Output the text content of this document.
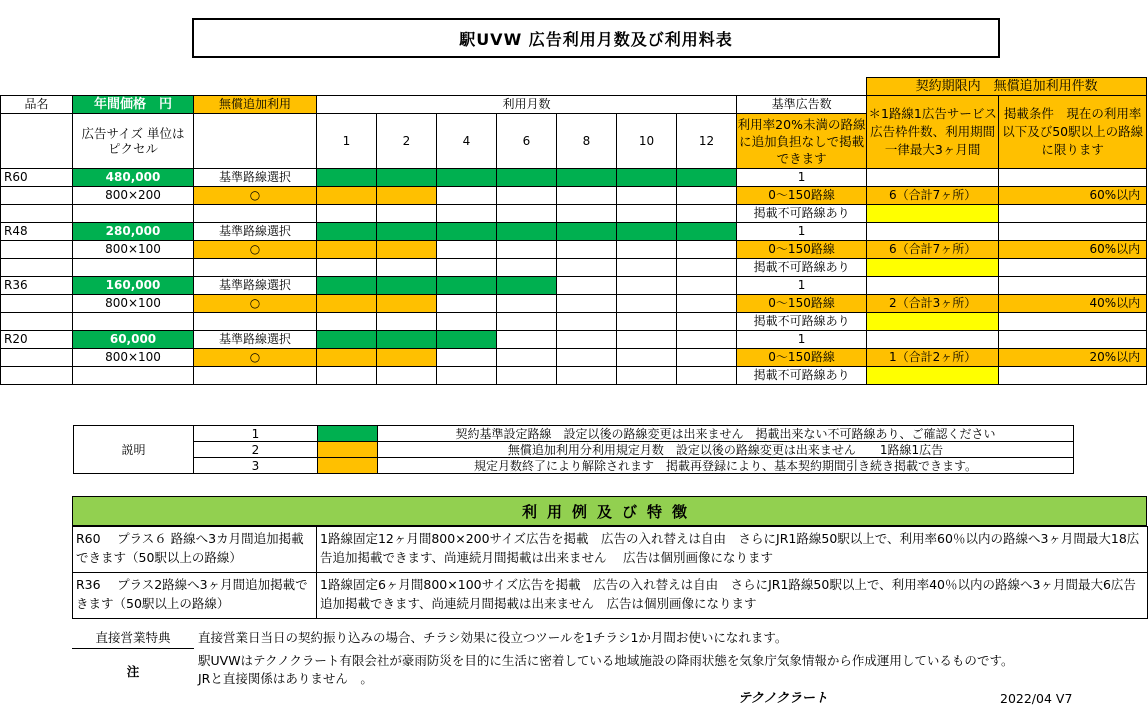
駅UVW 広告利用月数及び利用料表
											契約期限内　無償追加利用件数	
品名	年間価格　円	無償追加利用	利用月数							基準広告数	＊1路線1広告サービス広告枠件数、利用期間一律最大3ヶ月間	掲載条件　現在の利用率以下及び50駅以上の路線に限ります
	広告サイズ 単位はピクセル		1	2	4	6	8	10	12	利用率20%未満の路線に追加負担なしで掲載できます		
R60	480,000	基準路線選択								1		
	800×200	○								0～150路線	6（合計7ヶ所）	60%以内
										掲載不可路線あり		
R48	280,000	基準路線選択								1		
	800×100	○								0～150路線	6（合計7ヶ所）	60%以内
										掲載不可路線あり		
R36	160,000	基準路線選択								1		
	800×100	○								0～150路線	2（合計3ヶ所）	40%以内
										掲載不可路線あり		
R20	60,000	基準路線選択								1		
	800×100	○								0～150路線	1（合計2ヶ所）	20%以内
										掲載不可路線あり		
説明	1		契約基準設定路線　設定以後の路線変更は出来ません　掲載出来ない不可路線あり、ご確認ください
	2		無償追加利用分利用規定月数　設定以後の路線変更は出来ません　　1路線1広告
	3		規定月数終了により解除されます　掲載再登録により、基本契約期間引き続き掲載できます。
利用例及び特徴
R60　 プラス６ 路線へ3カ月間追加掲載できます（50駅以上の路線）	1路線固定12ヶ月間800×200サイズ広告を掲載　広告の入れ替えは自由　さらにJR1路線50駅以上で、利用率60％以内の路線へ3ヶ月間最大18広告追加掲載できます、尚連続月間掲載は出来ません　 広告は個別画像になります
R36　 プラス2路線へ3ヶ月間追加掲載できます（50駅以上の路線）	1路線固定6ヶ月間800×100サイズ広告を掲載　広告の入れ替えは自由　さらにJR1路線50駅以上で、利用率40％以内の路線へ3ヶ月間最大6広告追加掲載できます、尚連続月間掲載は出来ません　広告は個別画像になります
直接営業特典	直接営業日当日の契約振り込みの場合、チラシ効果に役立つツールを1チラシ1か月間お使いになれます。
注
駅UVWはテクノクラート有限会社が豪雨防災を目的に生活に密着している地域施設の降雨状態を気象庁気象情報から作成運用しているものです。
JRと直接関係はありません　。
テクノクラート	2022/04 V7
